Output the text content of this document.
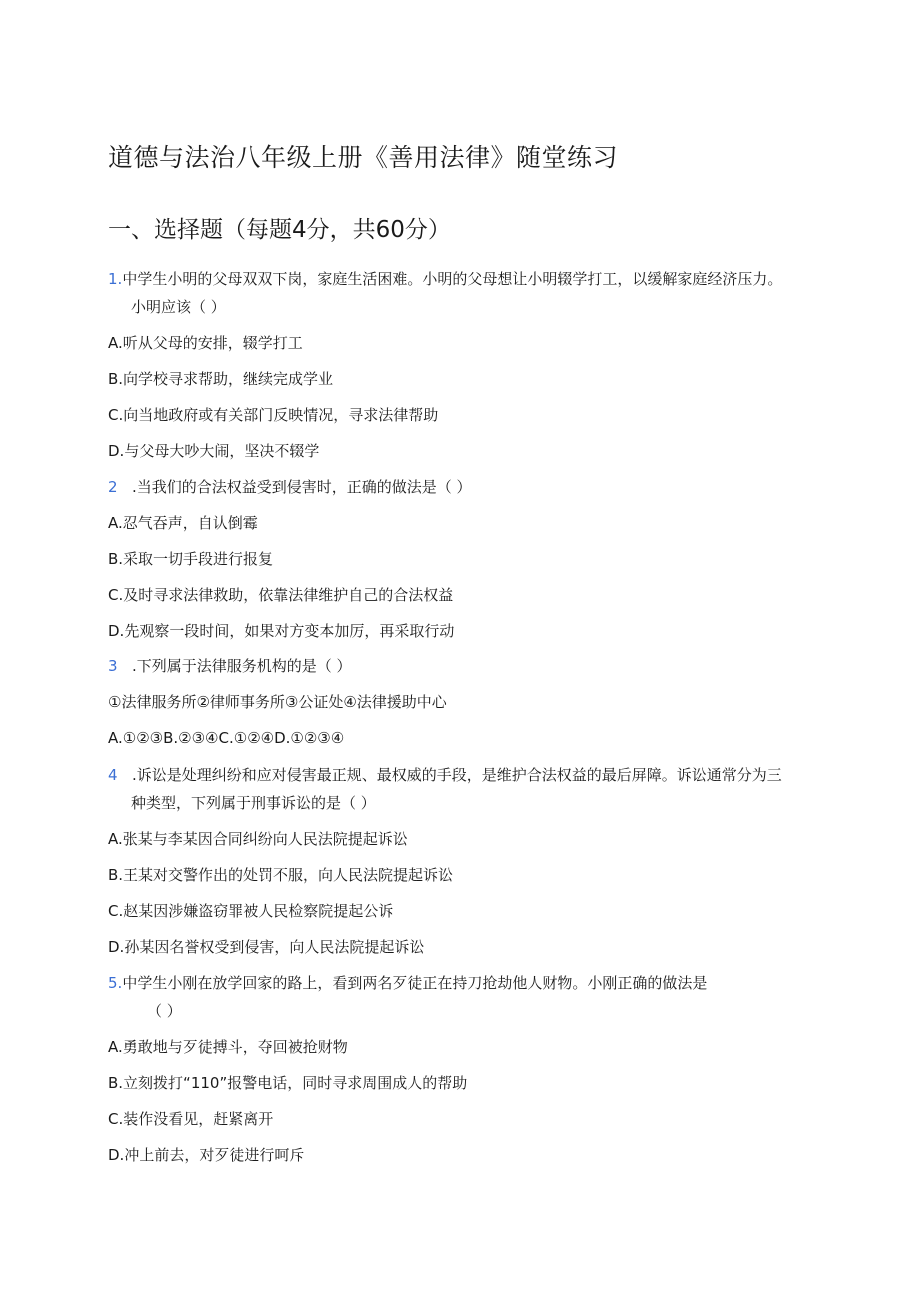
道德与法治八年级上册《善用法律》随堂练习
一、选择题（每题4分，共60分）
1.中学生小明的父母双双下岗，家庭生活困难。小明的父母想让小明辍学打工，以缓解家庭经济压力。
小明应该（ ）
A.听从父母的安排，辍学打工
B.向学校寻求帮助，继续完成学业
C.向当地政府或有关部门反映情况，寻求法律帮助
D.与父母大吵大闹，坚决不辍学
2 .当我们的合法权益受到侵害时，正确的做法是（ ）
A.忍气吞声，自认倒霉
B.采取一切手段进行报复
C.及时寻求法律救助，依靠法律维护自己的合法权益
D.先观察一段时间，如果对方变本加厉，再采取行动
3 .下列属于法律服务机构的是（ ）
①法律服务所②律师事务所③公证处④法律援助中心
A.①②③B.②③④C.①②④D.①②③④
4 .诉讼是处理纠纷和应对侵害最正规、最权威的手段，是维护合法权益的最后屏障。诉讼通常分为三
种类型，下列属于刑事诉讼的是（ ）
A.张某与李某因合同纠纷向人民法院提起诉讼
B.王某对交警作出的处罚不服，向人民法院提起诉讼
C.赵某因涉嫌盗窃罪被人民检察院提起公诉
D.孙某因名誉权受到侵害，向人民法院提起诉讼
5.中学生小刚在放学回家的路上，看到两名歹徒正在持刀抢劫他人财物。小刚正确的做法是
（ ）
A.勇敢地与歹徒搏斗，夺回被抢财物
B.立刻拨打“110”报警电话，同时寻求周围成人的帮助
C.装作没看见，赶紧离开
D.冲上前去，对歹徒进行呵斥
